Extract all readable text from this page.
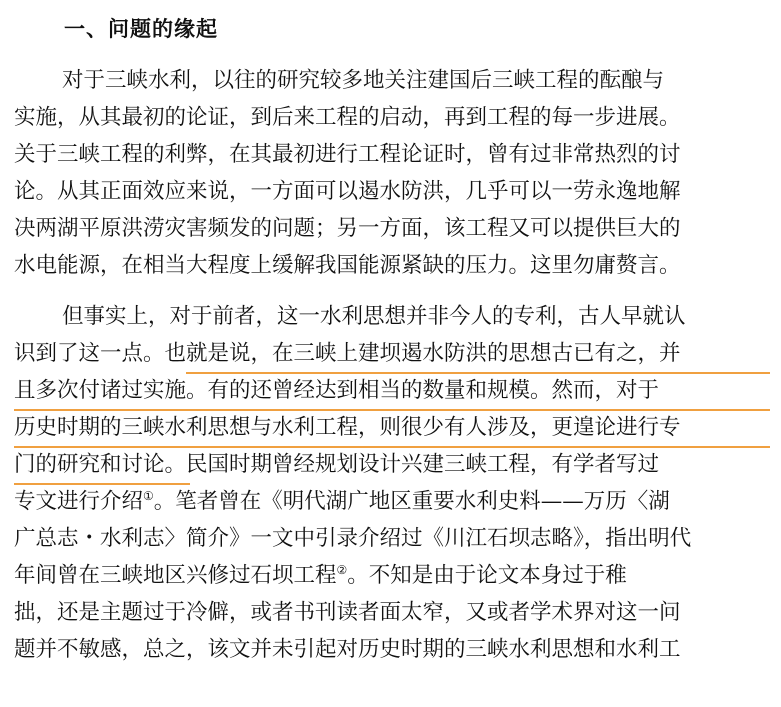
一、问题的缘起
对于三峡水利，以往的研究较多地关注建国后三峡工程的酝酿与
实施，从其最初的论证，到后来工程的启动，再到工程的每一步进展。
关于三峡工程的利弊，在其最初进行工程论证时，曾有过非常热烈的讨
论。从其正面效应来说，一方面可以遏水防洪，几乎可以一劳永逸地解
决两湖平原洪涝灾害频发的问题；另一方面，该工程又可以提供巨大的
水电能源，在相当大程度上缓解我国能源紧缺的压力。这里勿庸赘言。
但事实上，对于前者，这一水利思想并非今人的专利，古人早就认
识到了这一点。也就是说，在三峡上建坝遏水防洪的思想古已有之，并
且多次付诸过实施。有的还曾经达到相当的数量和规模。然而，对于
历史时期的三峡水利思想与水利工程，则很少有人涉及，更遑论进行专
门的研究和讨论。民国时期曾经规划设计兴建三峡工程，有学者写过
专文进行介绍①。笔者曾在《明代湖广地区重要水利史料——万历〈湖
广总志・水利志〉简介》一文中引录介绍过《川江石坝志略》，指出明代
年间曾在三峡地区兴修过石坝工程②。不知是由于论文本身过于稚
拙，还是主题过于冷僻，或者书刊读者面太窄，又或者学术界对这一问
题并不敏感，总之，该文并未引起对历史时期的三峡水利思想和水利工
